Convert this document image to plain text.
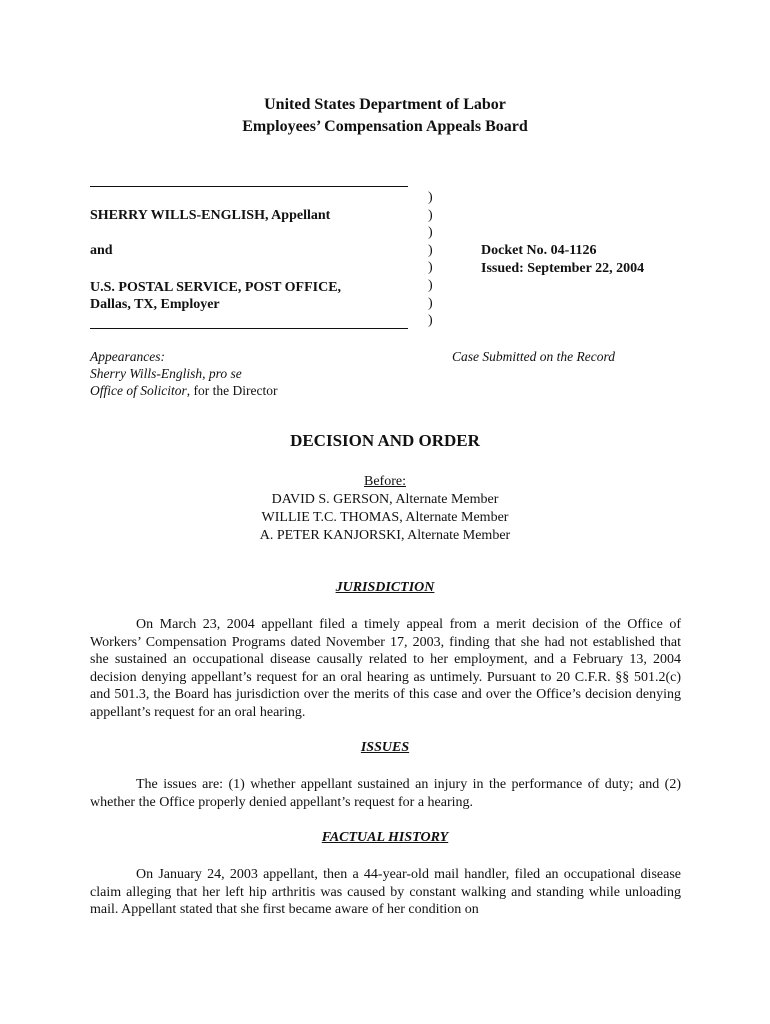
United States Department of Labor
Employees’ Compensation Appeals Board
SHERRY WILLS-ENGLISH, Appellant
and
U.S. POSTAL SERVICE, POST OFFICE,
Dallas, TX, Employer
)
)
)
)
)
)
)
)
Docket No. 04-1126
Issued: September 22, 2004
Appearances:
Sherry Wills-English, pro se
Office of Solicitor, for the Director
Case Submitted on the Record
DECISION AND ORDER
Before:
DAVID S. GERSON, Alternate Member
WILLIE T.C. THOMAS, Alternate Member
A. PETER KANJORSKI, Alternate Member
JURISDICTION
On March 23, 2004 appellant filed a timely appeal from a merit decision of the Office of Workers’ Compensation Programs dated November 17, 2003, finding that she had not established that she sustained an occupational disease causally related to her employment, and a February 13, 2004 decision denying appellant’s request for an oral hearing as untimely. Pursuant to 20 C.F.R. §§ 501.2(c) and 501.3, the Board has jurisdiction over the merits of this case and over the Office’s decision denying appellant’s request for an oral hearing.
ISSUES
The issues are: (1) whether appellant sustained an injury in the performance of duty; and (2) whether the Office properly denied appellant’s request for a hearing.
FACTUAL HISTORY
On January 24, 2003 appellant, then a 44-year-old mail handler, filed an occupational disease claim alleging that her left hip arthritis was caused by constant walking and standing while unloading mail. Appellant stated that she first became aware of her condition on
